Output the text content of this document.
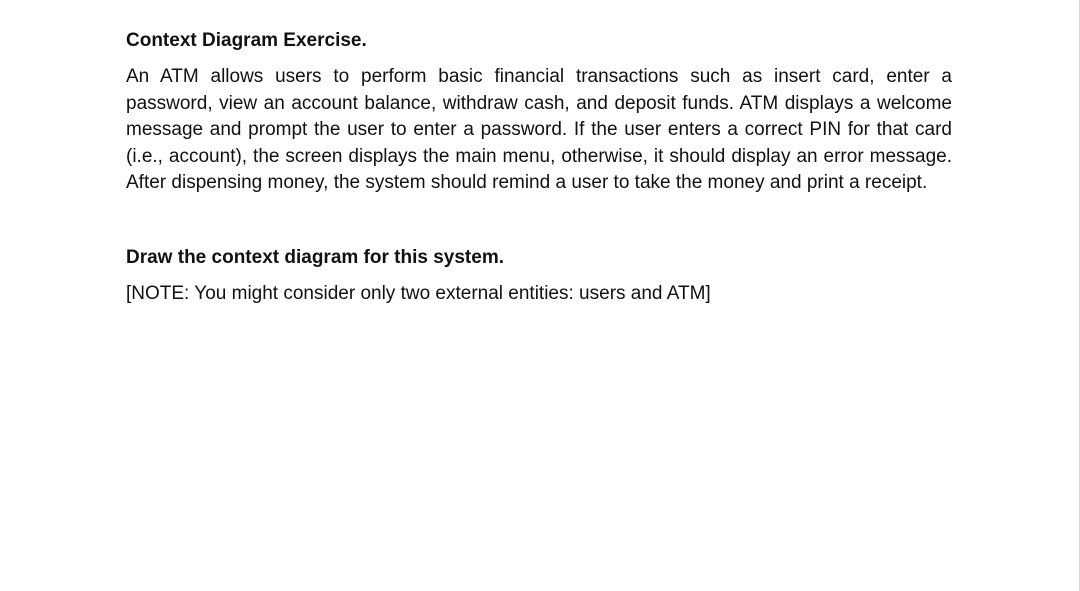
Context Diagram Exercise.

An ATM allows users to perform basic financial transactions such as insert card, enter a password, view an account balance, withdraw cash, and deposit funds. ATM displays a welcome message and prompt the user to enter a password. If the user enters a correct PIN for that card (i.e., account), the screen displays the main menu, otherwise, it should display an error message. After dispensing money, the system should remind a user to take the money and print a receipt.

Draw the context diagram for this system.

[NOTE: You might consider only two external entities: users and ATM]
